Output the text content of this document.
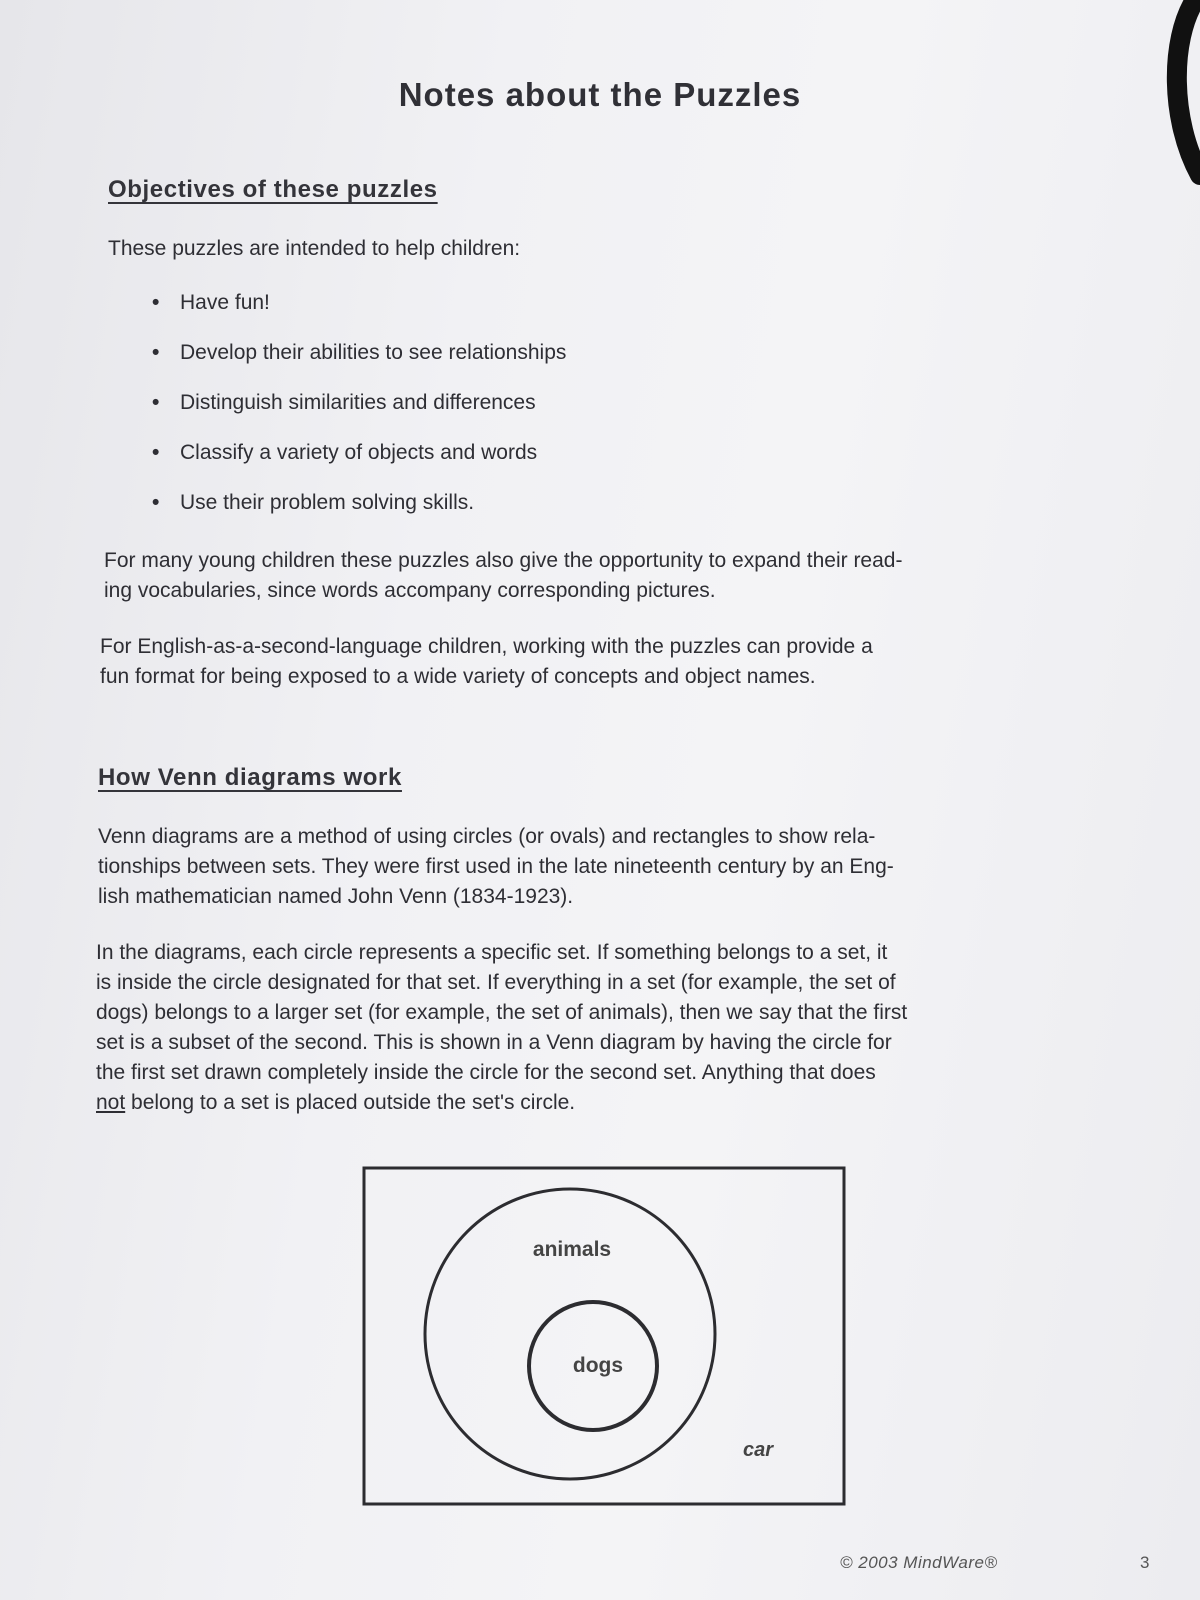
Notes about the Puzzles
Objectives of these puzzles
These puzzles are intended to help children:
• Have fun!
• Develop their abilities to see relationships
• Distinguish similarities and differences
• Classify a variety of objects and words
• Use their problem solving skills.
For many young children these puzzles also give the opportunity to expand their read-
ing vocabularies, since words accompany corresponding pictures.
For English-as-a-second-language children, working with the puzzles can provide a
fun format for being exposed to a wide variety of concepts and object names.
How Venn diagrams work
Venn diagrams are a method of using circles (or ovals) and rectangles to show rela-
tionships between sets. They were first used in the late nineteenth century by an Eng-
lish mathematician named John Venn (1834-1923).
In the diagrams, each circle represents a specific set. If something belongs to a set, it
is inside the circle designated for that set. If everything in a set (for example, the set of
dogs) belongs to a larger set (for example, the set of animals), then we say that the first
set is a subset of the second. This is shown in a Venn diagram by having the circle for
the first set drawn completely inside the circle for the second set. Anything that does
not belong to a set is placed outside the set's circle.
animals
dogs
car
© 2003 MindWare®	3
